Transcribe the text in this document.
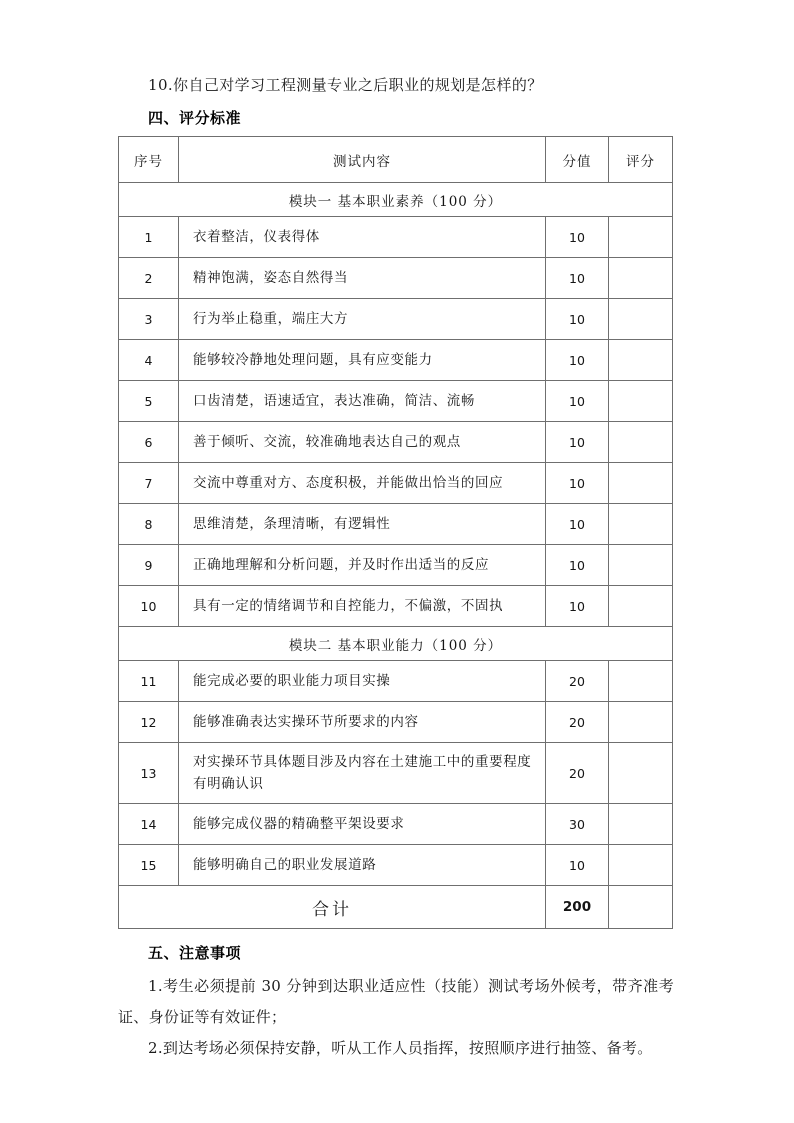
10.你自己对学习工程测量专业之后职业的规划是怎样的？

四、评分标准

序号	测试内容	分值	评分
模块一 基本职业素养（100 分）			
1	衣着整洁，仪表得体	10	
2	精神饱满，姿态自然得当	10	
3	行为举止稳重，端庄大方	10	
4	能够较冷静地处理问题，具有应变能力	10	
5	口齿清楚，语速适宜，表达准确，简洁、流畅	10	
6	善于倾听、交流，较准确地表达自己的观点	10	
7	交流中尊重对方、态度积极，并能做出恰当的回应	10	
8	思维清楚，条理清晰，有逻辑性	10	
9	正确地理解和分析问题，并及时作出适当的反应	10	
10	具有一定的情绪调节和自控能力，不偏激，不固执	10	
模块二 基本职业能力（100 分）			
11	能完成必要的职业能力项目实操	20	
12	能够准确表达实操环节所要求的内容	20	
13	对实操环节具体题目涉及内容在土建施工中的重要程度有明确认识	20	
14	能够完成仪器的精确整平架设要求	30	
15	能够明确自己的职业发展道路	10	
合计		200	

五、注意事项

1.考生必须提前 30 分钟到达职业适应性（技能）测试考场外候考，带齐准考证、身份证等有效证件；

2.到达考场必须保持安静，听从工作人员指挥，按照顺序进行抽签、备考。
